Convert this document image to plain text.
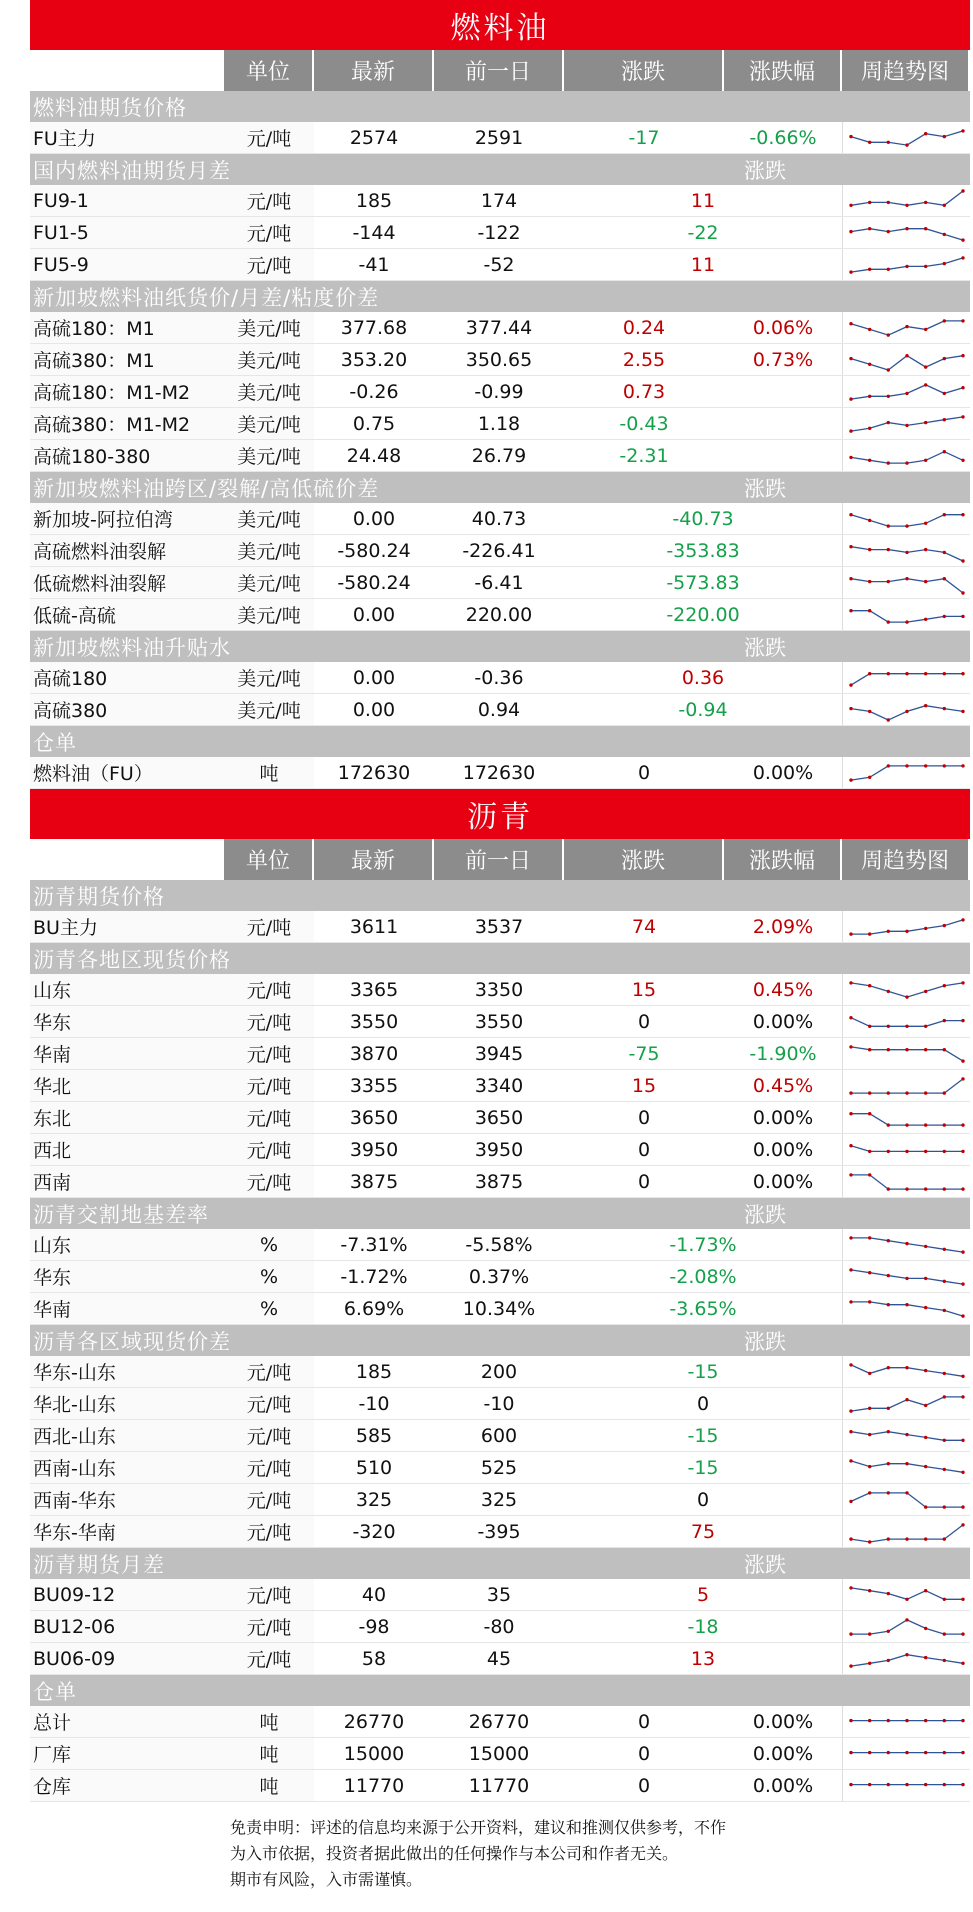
燃料油
单位	最新	前一日	涨跌	涨跌幅	周趋势图
燃料油期货价格
FU主力	元/吨	2574	2591	-17	-0.66%
国内燃料油期货月差	涨跌
FU9-1	元/吨	185	174	11
FU1-5	元/吨	-144	-122	-22
FU5-9	元/吨	-41	-52	11
新加坡燃料油纸货价/月差/粘度价差
高硫180：M1	美元/吨	377.68	377.44	0.24	0.06%
高硫380：M1	美元/吨	353.20	350.65	2.55	0.73%
高硫180：M1-M2	美元/吨	-0.26	-0.99	0.73
高硫380：M1-M2	美元/吨	0.75	1.18	-0.43
高硫180-380	美元/吨	24.48	26.79	-2.31
新加坡燃料油跨区/裂解/高低硫价差	涨跌
新加坡-阿拉伯湾	美元/吨	0.00	40.73	-40.73
高硫燃料油裂解	美元/吨	-580.24	-226.41	-353.83
低硫燃料油裂解	美元/吨	-580.24	-6.41	-573.83
低硫-高硫	美元/吨	0.00	220.00	-220.00
新加坡燃料油升贴水	涨跌
高硫180	美元/吨	0.00	-0.36	0.36
高硫380	美元/吨	0.00	0.94	-0.94
仓单
燃料油（FU）	吨	172630	172630	0	0.00%
沥青
单位	最新	前一日	涨跌	涨跌幅	周趋势图
沥青期货价格
BU主力	元/吨	3611	3537	74	2.09%
沥青各地区现货价格
山东	元/吨	3365	3350	15	0.45%
华东	元/吨	3550	3550	0	0.00%
华南	元/吨	3870	3945	-75	-1.90%
华北	元/吨	3355	3340	15	0.45%
东北	元/吨	3650	3650	0	0.00%
西北	元/吨	3950	3950	0	0.00%
西南	元/吨	3875	3875	0	0.00%
沥青交割地基差率	涨跌
山东	%	-7.31%	-5.58%	-1.73%
华东	%	-1.72%	0.37%	-2.08%
华南	%	6.69%	10.34%	-3.65%
沥青各区域现货价差	涨跌
华东-山东	元/吨	185	200	-15
华北-山东	元/吨	-10	-10	0
西北-山东	元/吨	585	600	-15
西南-山东	元/吨	510	525	-15
西南-华东	元/吨	325	325	0
华东-华南	元/吨	-320	-395	75
沥青期货月差	涨跌
BU09-12	元/吨	40	35	5
BU12-06	元/吨	-98	-80	-18
BU06-09	元/吨	58	45	13
仓单
总计	吨	26770	26770	0	0.00%
厂库	吨	15000	15000	0	0.00%
仓库	吨	11770	11770	0	0.00%
免责申明：评述的信息均来源于公开资料，建议和推测仅供参考，不作
为入市依据，投资者据此做出的任何操作与本公司和作者无关。
期市有风险，入市需谨慎。
